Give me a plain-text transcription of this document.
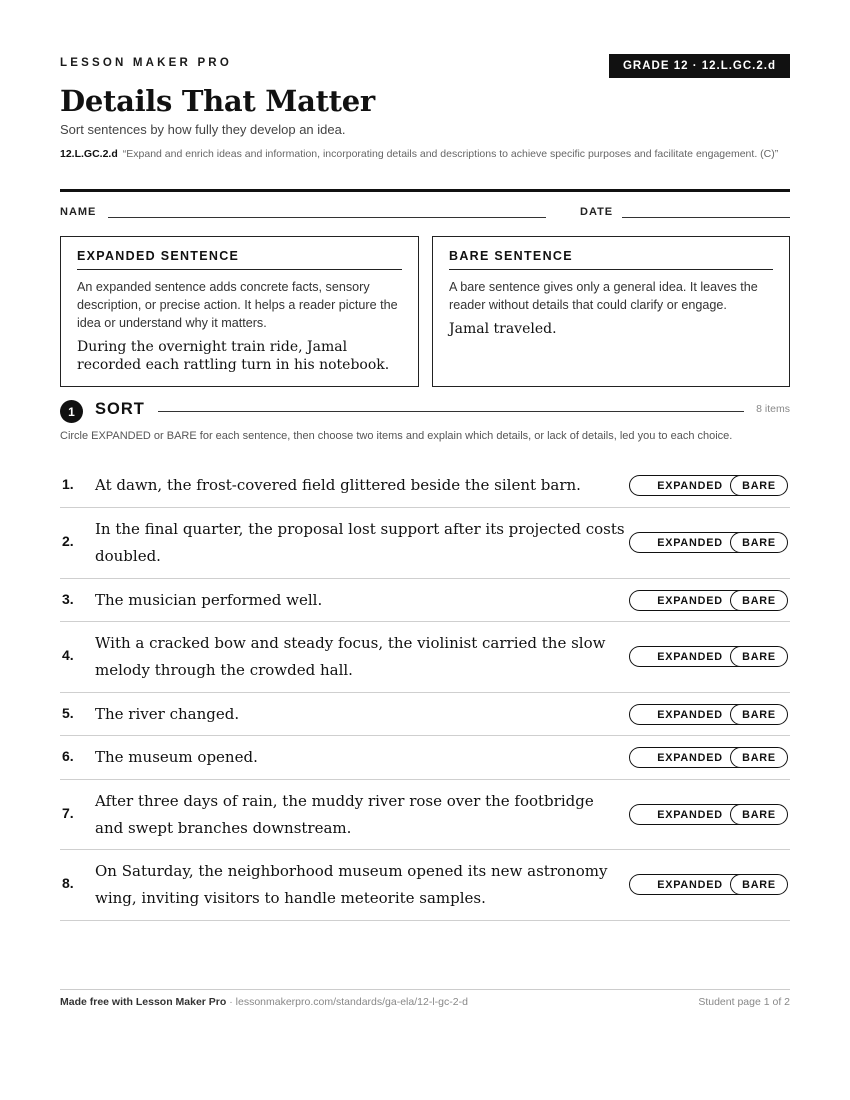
LESSON MAKER PRO	GRADE 12 · 12.L.GC.2.d
Details That Matter
Sort sentences by how fully they develop an idea.
12.L.GC.2.d “Expand and enrich ideas and information, incorporating details and descriptions to achieve specific purposes and facilitate engagement. (C)”
NAME	DATE
EXPANDED SENTENCE
An expanded sentence adds concrete facts, sensory description, or precise action. It helps a reader picture the idea or understand why it matters.
During the overnight train ride, Jamal recorded each rattling turn in his notebook.
BARE SENTENCE
A bare sentence gives only a general idea. It leaves the reader without details that could clarify or engage.
Jamal traveled.
1	SORT	8 items
Circle EXPANDED or BARE for each sentence, then choose two items and explain which details, or lack of details, led you to each choice.
1. At dawn, the frost-covered field glittered beside the silent barn.	EXPANDED	BARE
2.
In the final quarter, the proposal lost support after its projected costs doubled.
EXPANDED	BARE
3. The musician performed well.	EXPANDED	BARE
4.
With a cracked bow and steady focus, the violinist carried the slow melody through the crowded hall.
EXPANDED	BARE
5. The river changed.	EXPANDED	BARE
6. The museum opened.	EXPANDED	BARE
7.
After three days of rain, the muddy river rose over the footbridge and swept branches downstream.
EXPANDED	BARE
8.
On Saturday, the neighborhood museum opened its new astronomy wing, inviting visitors to handle meteorite samples.
EXPANDED	BARE
Made free with Lesson Maker Pro · lessonmakerpro.com/standards/ga-ela/12-l-gc-2-d	Student page 1 of 2
